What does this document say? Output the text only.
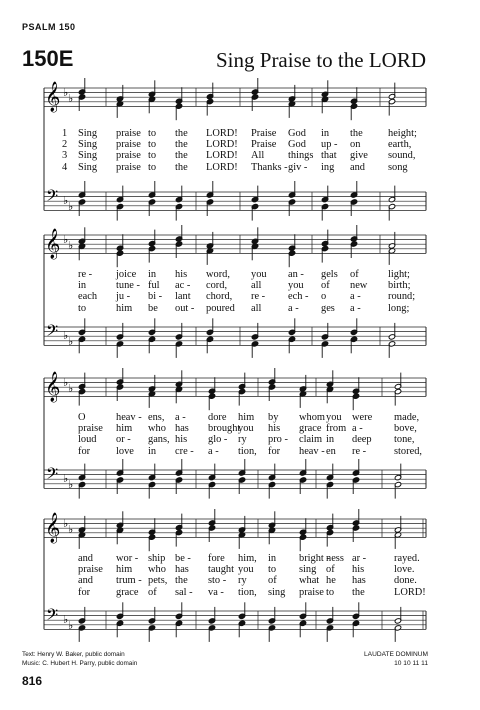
PSALM 150
150E	Sing Praise to the LORD
𝄞
𝄢
♭ ♭
♭ ♭
𝄞
𝄢
♭ ♭
♭ ♭
𝄞
𝄢
♭ ♭
♭ ♭
𝄞
𝄢
♭ ♭
♭ ♭
1 Sing praise to the LORD! Praise God in the height;
2 Sing praise to the LORD! Praise God up - on	earth,
3 Sing praise to the LORD! All things that give sound,
4 Sing praise to the LORD! Thanks - giv - ing and song
re - joice in his word, you an - gels of	light;
in	tune - ful ac - cord, all	you of new birth;
each ju - bi - lant chord, re - ech - o a -	round;
to	him be out - poured all	a - ges a -	long;
O	heav - ens, a - dore him by whom you were made,
praise him who has brought
you his grace from a -	bove,
loud or - gans, his glo - ry pro - claim in deep tone,
for love in cre - a - tion, for heav - en re -	stored,
and wor - ship be - fore him, in bright -
ness ar -	rayed.
praise him who has taught you to sing of his	love.
and trum - pets, the sto - ry of what he has	done.
for grace of sal - va - tion, sing praise to the	LORD!
Text: Henry W. Baker, public domain
Music: C. Hubert H. Parry, public domain
LAUDATE DOMINUM
10 10 11 11
816
